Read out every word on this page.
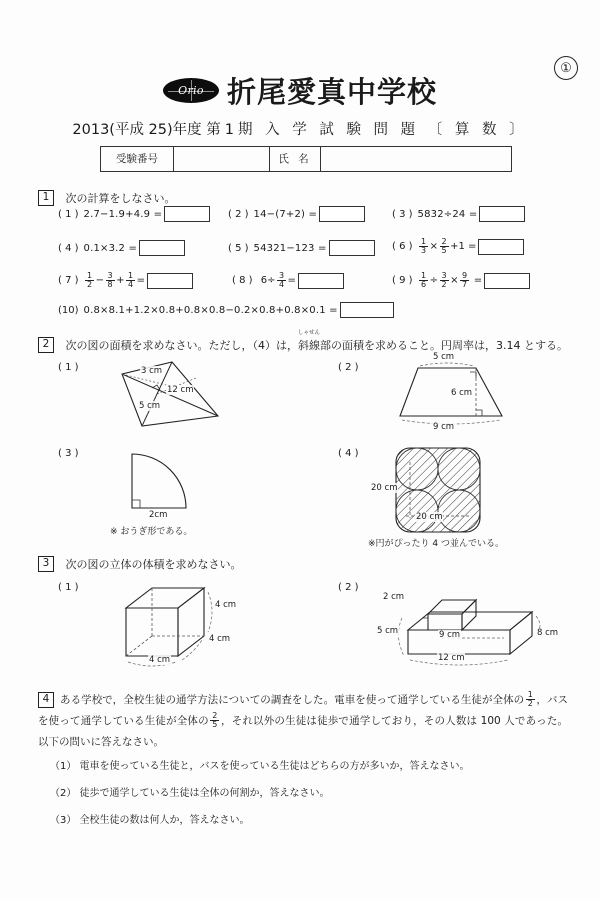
①
Orio 折尾愛真中学校
2013(平成 25)年度 第1期 入 学 試 験 問 題 〔 算 数 〕
受験番号	氏 名
1 次の計算をしなさい。
( 1 ) 2.7−1.9+4.9 =	( 2 ) 14−(7+2) =	( 3 ) 5832÷24 =
( 4 ) 0.1×3.2 =	( 5 ) 54321−123 =	( 6 ) $\frac{1}{3} \times \frac{2}{5} +1$ =
( 7 ) $\frac{1}{2} - \frac{3}{8} + \frac{1}{4}$ =	( 8 ) $6\div \frac{3}{4}$ =	( 9 ) $\frac{1}{6} \div \frac{3}{2} \times \frac{9}{7}$ =
(10) 0.8×8.1+1.2×0.8+0.8×0.8−0.2×0.8+0.8×0.1 =
2 次の図の面積を求めなさい。ただし，（4）は，
しゃせん
斜線部の面積を求めること。円周率は，3.14 とする。
( 1 )	3 cm
12 cm
5 cm
( 2 )
5 cm
6 cm
9 cm
( 3 )
2cm
※ おうぎ形である。
( 4 )
20 cm
20 cm
※円がぴったり 4 つ並んでいる。
3 次の図の立体の体積を求めなさい。
( 1 )
4 cm
4 cm
4 cm
( 2 )
2 cm
5 cm	9 cm	8 cm
12 cm
4 ある学校で，全校生徒の通学方法についての調査をした。電車を使って通学している生徒が全体の $\frac{1}{2}$ ，バスを使って通学している生徒が全体の $\frac{2}{5}$ ，それ以外の生徒は徒歩で通学しており，その人数は 100 人であった。以下の問いに答えなさい。
（1） 電車を使っている生徒と，バスを使っている生徒はどちらの方が多いか，答えなさい。
（2） 徒歩で通学している生徒は全体の何割か，答えなさい。
（3） 全校生徒の数は何人か，答えなさい。
